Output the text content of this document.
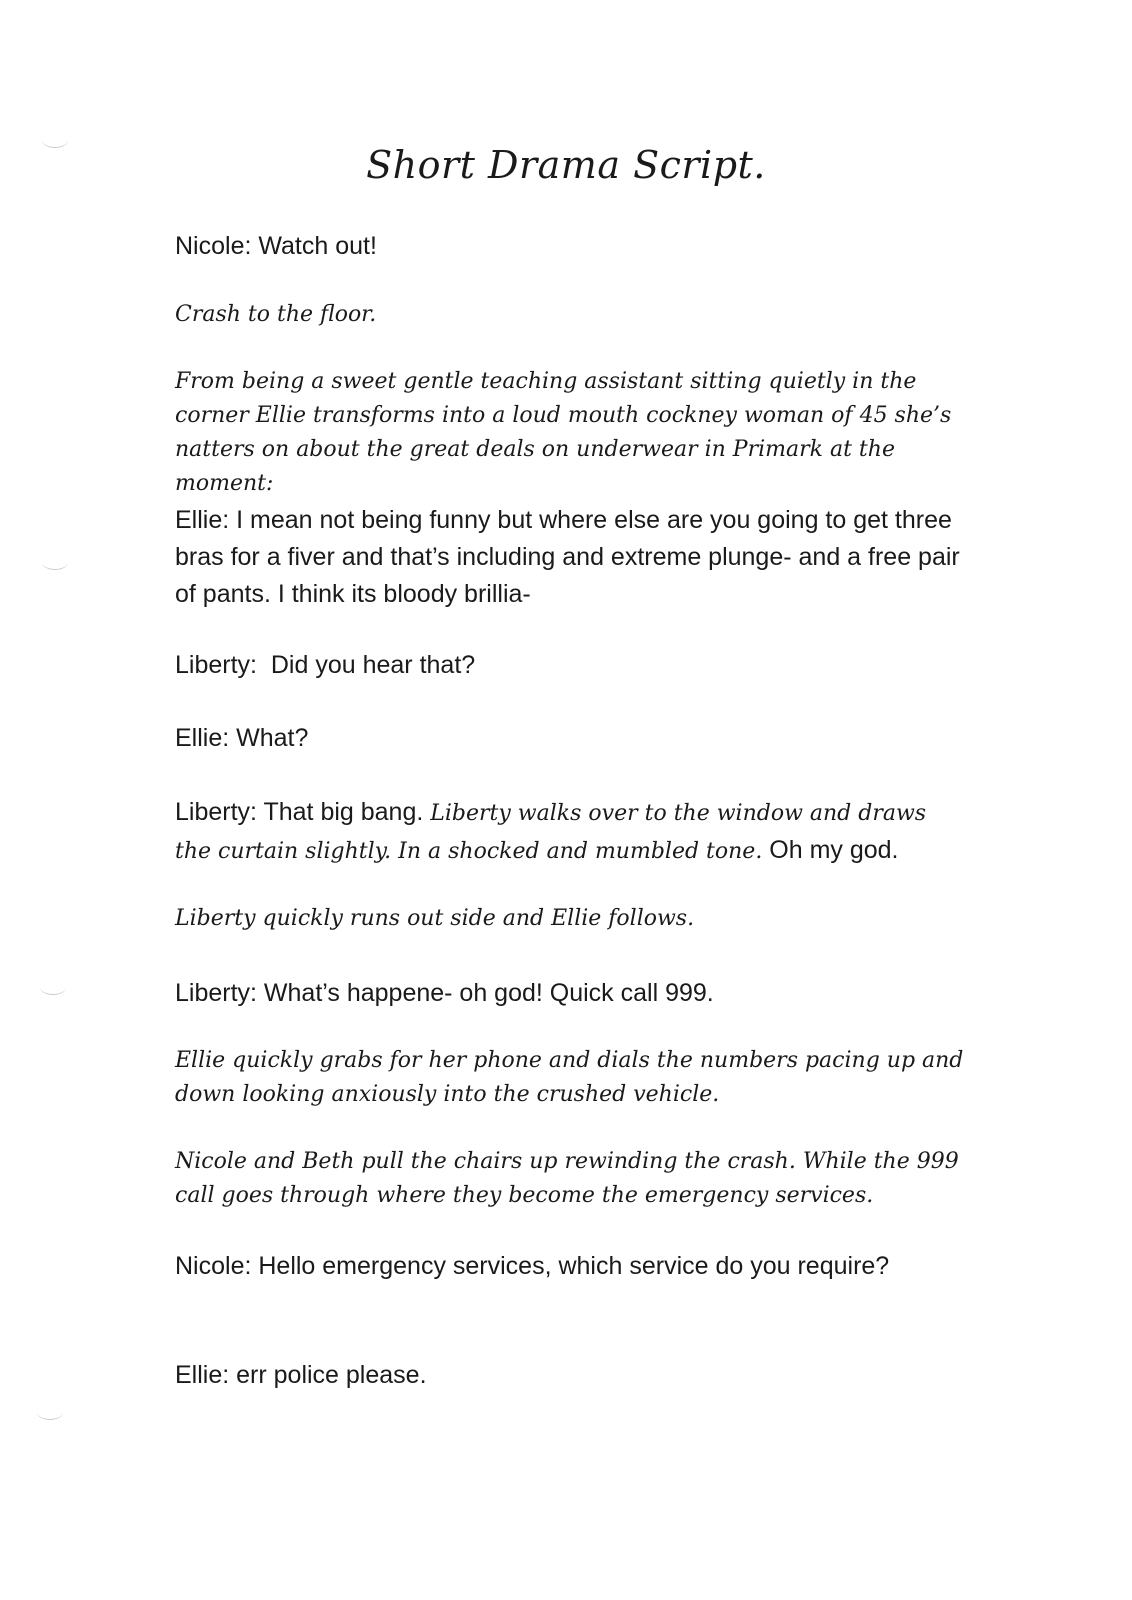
Short Drama Script.
Nicole: Watch out!
Crash to the floor.
From being a sweet gentle teaching assistant sitting quietly in the corner Ellie transforms into a loud mouth cockney woman of 45 she’s natters on about the great deals on underwear in Primark at the moment:
Ellie: I mean not being funny but where else are you going to get three bras for a fiver and that’s including and extreme plunge- and a free pair of pants. I think its bloody brillia-
Liberty:  Did you hear that?
Ellie: What?
Liberty: That big bang. Liberty walks over to the window and draws the curtain slightly. In a shocked and mumbled tone. Oh my god.
Liberty quickly runs out side and Ellie follows.
Liberty: What’s happene- oh god! Quick call 999.
Ellie quickly grabs for her phone and dials the numbers pacing up and down looking anxiously into the crushed vehicle.
Nicole and Beth pull the chairs up rewinding the crash. While the 999 call goes through where they become the emergency services.
Nicole: Hello emergency services, which service do you require?
Ellie: err police please.
